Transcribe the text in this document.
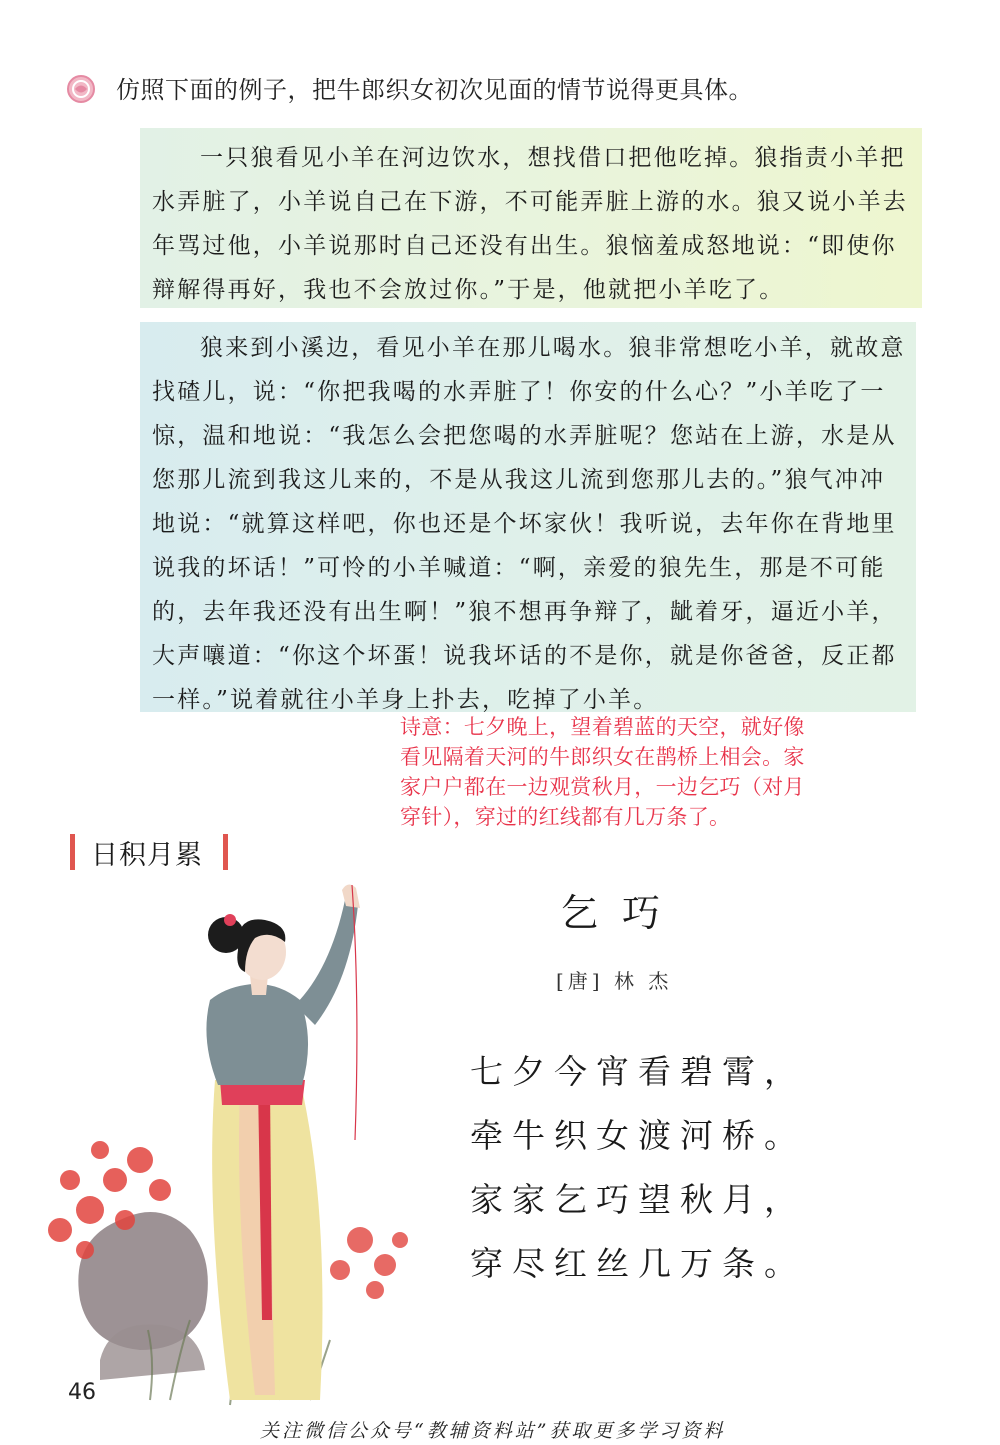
仿照下面的例子，把牛郎织女初次见面的情节说得更具体。

一只狼看见小羊在河边饮水，想找借口把他吃掉。狼指责小羊把水弄脏了，小羊说自己在下游，不可能弄脏上游的水。狼又说小羊去年骂过他，小羊说那时自己还没有出生。狼恼羞成怒地说：“即使你辩解得再好，我也不会放过你。”于是，他就把小羊吃了。

狼来到小溪边，看见小羊在那儿喝水。狼非常想吃小羊，就故意找碴儿，说：“你把我喝的水弄脏了！你安的什么心？”小羊吃了一惊，温和地说：“我怎么会把您喝的水弄脏呢？您站在上游，水是从您那儿流到我这儿来的，不是从我这儿流到您那儿去的。”狼气冲冲地说：“就算这样吧，你也还是个坏家伙！我听说，去年你在背地里说我的坏话！”可怜的小羊喊道：“啊，亲爱的狼先生，那是不可能的，去年我还没有出生啊！”狼不想再争辩了，龇着牙，逼近小羊，大声嚷道：“你这个坏蛋！说我坏话的不是你，就是你爸爸，反正都一样。”说着就往小羊身上扑去，吃掉了小羊。

诗意：七夕晚上，望着碧蓝的天空，就好像看见隔着天河的牛郎织女在鹊桥上相会。家家户户都在一边观赏秋月，一边乞巧（对月穿针），穿过的红线都有几万条了。
日积月累
乞巧
[唐] 林 杰
七夕今宵看碧霄，
牵牛织女渡河桥。
家家乞巧望秋月，
穿尽红丝几万条。
46
关注微信公众号“教辅资料站”获取更多学习资料
